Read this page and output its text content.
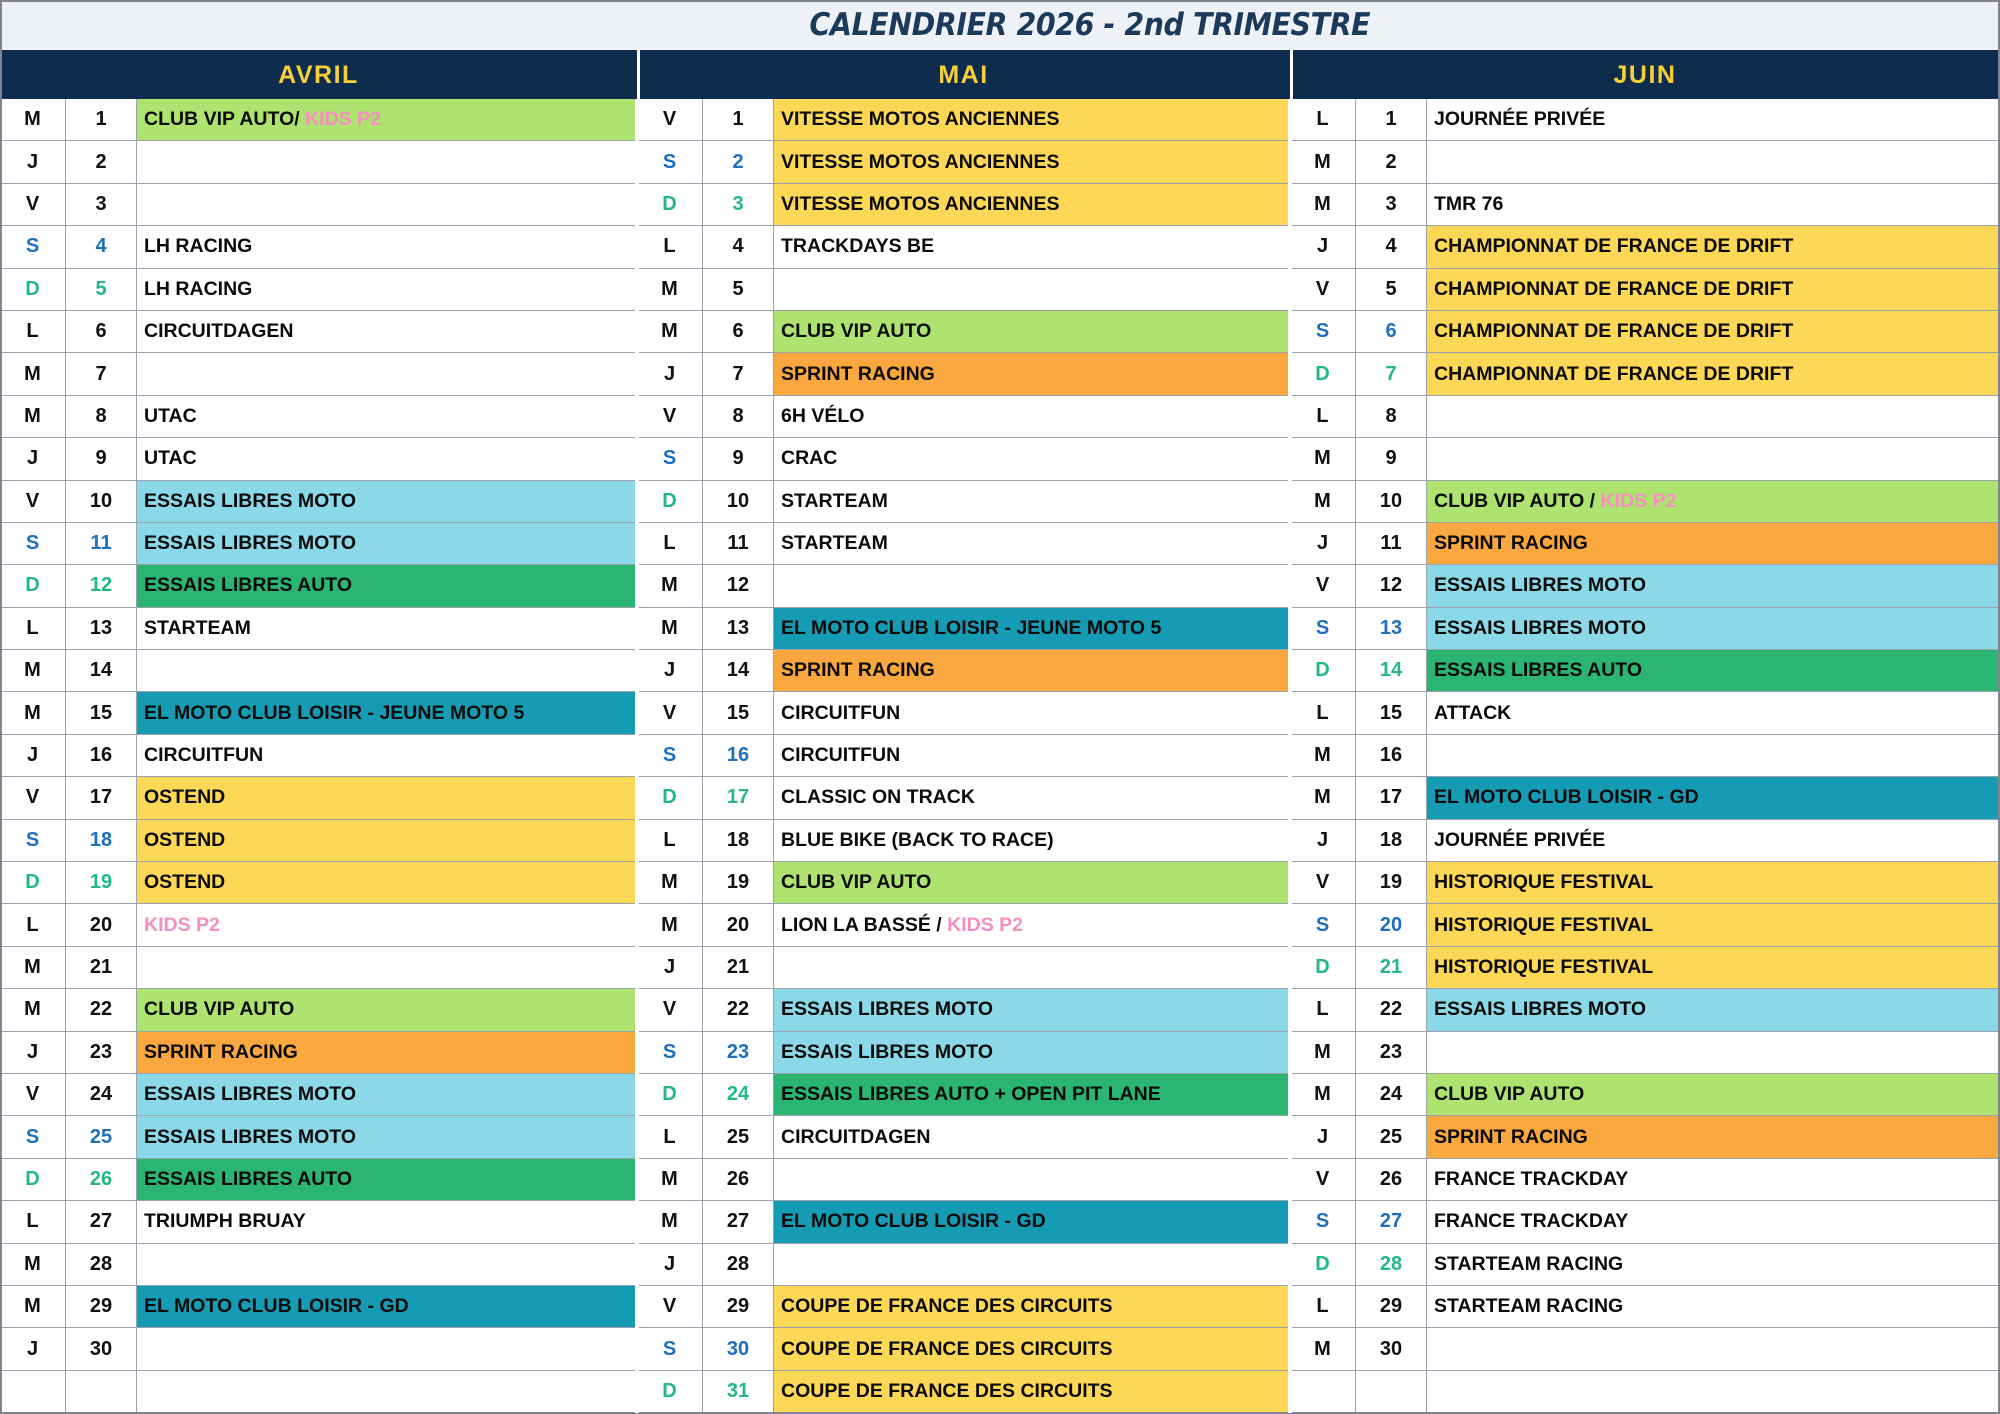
CALENDRIER 2026 - 2nd TRIMESTRE
AVRIL	MAI	JUIN
M	1	CLUB VIP AUTO/ KIDS P2
J	2
V	3
S	4	LH RACING
D	5	LH RACING
L	6	CIRCUITDAGEN
M	7
M	8	UTAC
J	9	UTAC
V	10	ESSAIS LIBRES MOTO
S	11	ESSAIS LIBRES MOTO
D	12	ESSAIS LIBRES AUTO
L	13	STARTEAM
M	14
M	15	EL MOTO CLUB LOISIR - JEUNE MOTO 5
J	16	CIRCUITFUN
V	17	OSTEND
S	18	OSTEND
D	19	OSTEND
L	20	KIDS P2
M	21
M	22	CLUB VIP AUTO
J	23	SPRINT RACING
V	24	ESSAIS LIBRES MOTO
S	25	ESSAIS LIBRES MOTO
D	26	ESSAIS LIBRES AUTO
L	27	TRIUMPH BRUAY
M	28
M	29	EL MOTO CLUB LOISIR - GD
J	30
V	1	VITESSE MOTOS ANCIENNES
S	2	VITESSE MOTOS ANCIENNES
D	3	VITESSE MOTOS ANCIENNES
L	4	TRACKDAYS BE
M	5
M	6	CLUB VIP AUTO
J	7	SPRINT RACING
V	8	6H VÉLO
S	9	CRAC
D	10	STARTEAM
L	11	STARTEAM
M	12
M	13	EL MOTO CLUB LOISIR - JEUNE MOTO 5
J	14	SPRINT RACING
V	15	CIRCUITFUN
S	16	CIRCUITFUN
D	17	CLASSIC ON TRACK
L	18	BLUE BIKE (BACK TO RACE)
M	19	CLUB VIP AUTO
M	20	LION LA BASSÉ / KIDS P2
J	21
V	22	ESSAIS LIBRES MOTO
S	23	ESSAIS LIBRES MOTO
D	24	ESSAIS LIBRES AUTO + OPEN PIT LANE
L	25	CIRCUITDAGEN
M	26
M	27	EL MOTO CLUB LOISIR - GD
J	28
V	29	COUPE DE FRANCE DES CIRCUITS
S	30	COUPE DE FRANCE DES CIRCUITS
D	31	COUPE DE FRANCE DES CIRCUITS
L	1	JOURNÉE PRIVÉE
M	2
M	3	TMR 76
J	4	CHAMPIONNAT DE FRANCE DE DRIFT
V	5	CHAMPIONNAT DE FRANCE DE DRIFT
S	6	CHAMPIONNAT DE FRANCE DE DRIFT
D	7	CHAMPIONNAT DE FRANCE DE DRIFT
L	8
M	9
M	10	CLUB VIP AUTO / KIDS P2
J	11	SPRINT RACING
V	12	ESSAIS LIBRES MOTO
S	13	ESSAIS LIBRES MOTO
D	14	ESSAIS LIBRES AUTO
L	15	ATTACK
M	16
M	17	EL MOTO CLUB LOISIR - GD
J	18	JOURNÉE PRIVÉE
V	19	HISTORIQUE FESTIVAL
S	20	HISTORIQUE FESTIVAL
D	21	HISTORIQUE FESTIVAL
L	22	ESSAIS LIBRES MOTO
M	23
M	24	CLUB VIP AUTO
J	25	SPRINT RACING
V	26	FRANCE TRACKDAY
S	27	FRANCE TRACKDAY
D	28	STARTEAM RACING
L	29	STARTEAM RACING
M	30
